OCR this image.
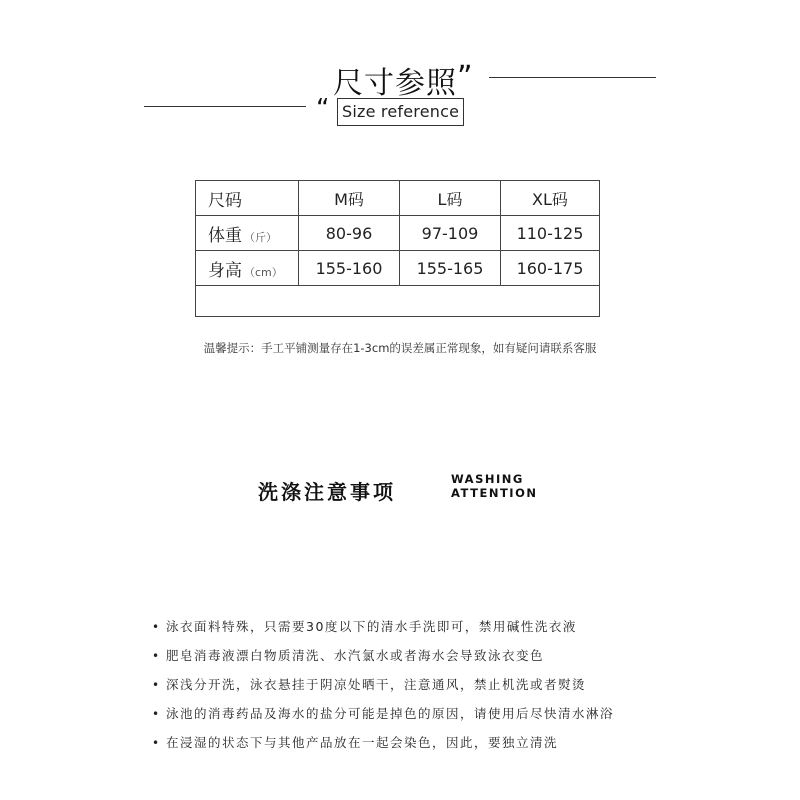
尺寸参照 ”
“ Size reference
尺码	M码	L码	XL码
体重 （斤）	80-96	97-109	110-125
身高 （cm）	155-160	155-165	160-175

温馨提示：手工平铺测量存在1-3cm的误差属正常现象，如有疑问请联系客服
洗涤注意事项
WASHING
ATTENTION
• 泳衣面料特殊，只需要30度以下的清水手洗即可，禁用碱性洗衣液
• 肥皂消毒液漂白物质清洗、水汽氯水或者海水会导致泳衣变色
• 深浅分开洗，泳衣悬挂于阴凉处晒干，注意通风，禁止机洗或者熨烫
• 泳池的消毒药品及海水的盐分可能是掉色的原因，请使用后尽快清水淋浴
• 在浸湿的状态下与其他产品放在一起会染色，因此，要独立清洗
